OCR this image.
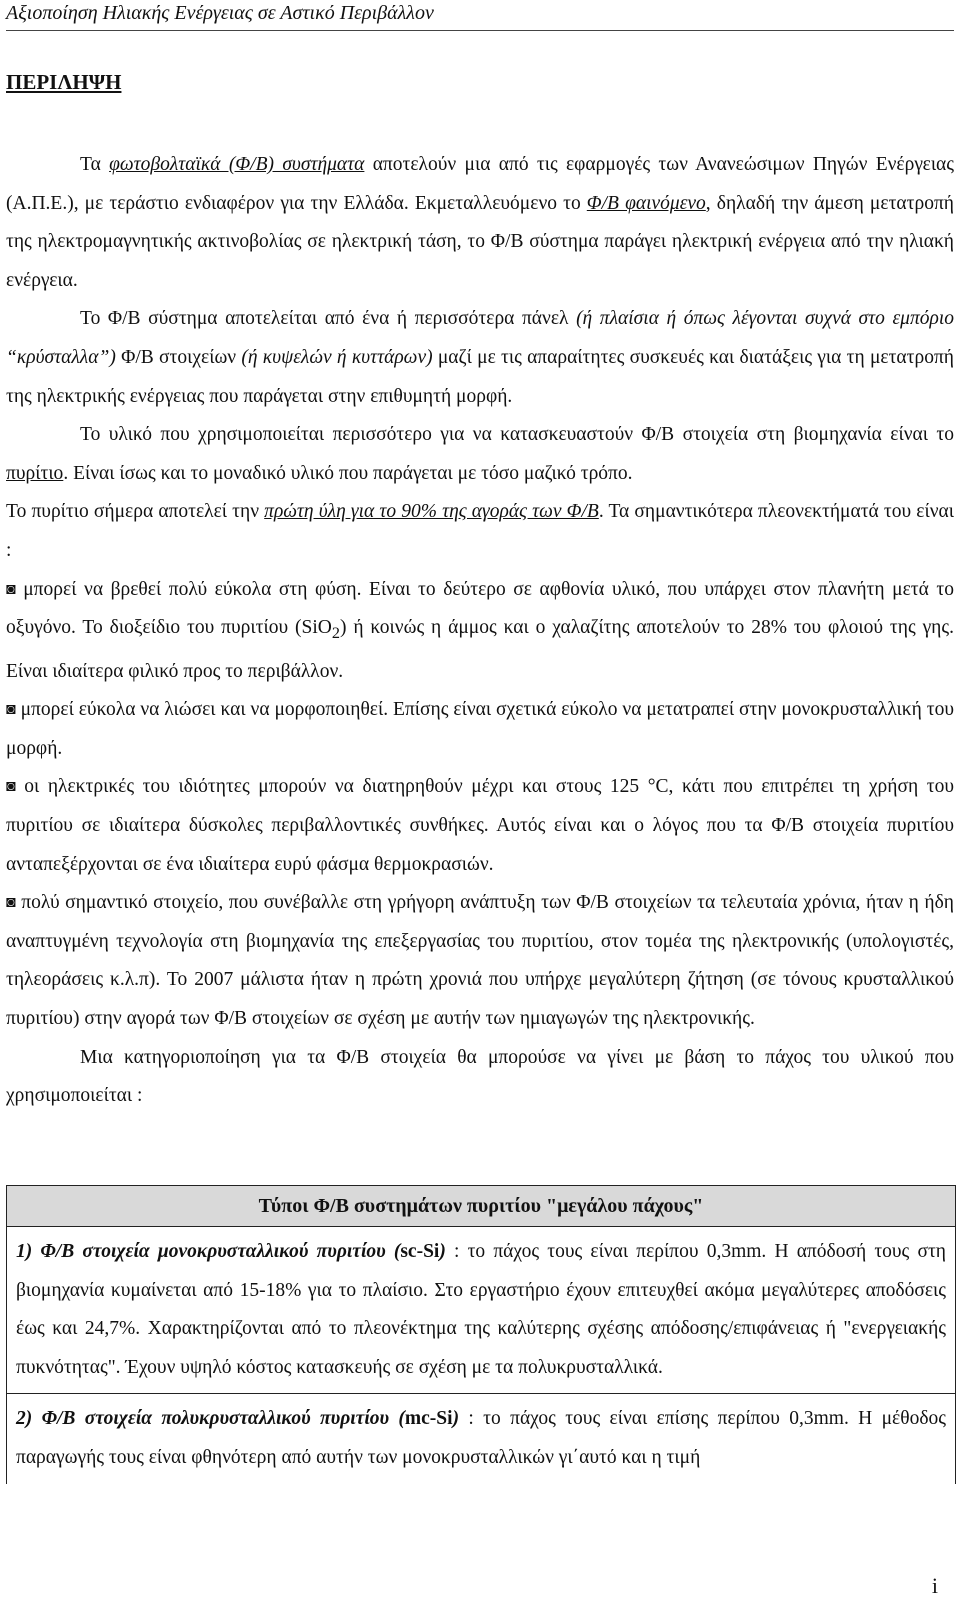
Αξιοποίηση Ηλιακής Ενέργειας σε Αστικό Περιβάλλον
ΠΕΡΙΛΗΨΗ

Τα φωτοβολταϊκά (Φ/Β) συστήματα αποτελούν μια από τις εφαρμογές των Ανανεώσιμων Πηγών Ενέργειας (Α.Π.Ε.), με τεράστιο ενδιαφέρον για την Ελλάδα. Εκμεταλλευόμενο το Φ/Β φαινόμενο, δηλαδή την άμεση μετατροπή της ηλεκτρομαγνητικής ακτινοβολίας σε ηλεκτρική τάση, το Φ/Β σύστημα παράγει ηλεκτρική ενέργεια από την ηλιακή ενέργεια.

Το Φ/Β σύστημα αποτελείται από ένα ή περισσότερα πάνελ (ή πλαίσια ή όπως λέγονται συχνά στο εμπόριο “κρύσταλλα”) Φ/Β στοιχείων (ή κυψελών ή κυττάρων) μαζί με τις απαραίτητες συσκευές και διατάξεις για τη μετατροπή της ηλεκτρικής ενέργειας που παράγεται στην επιθυμητή μορφή.

Το υλικό που χρησιμοποιείται περισσότερο για να κατασκευαστούν Φ/Β στοιχεία στη βιομηχανία είναι το πυρίτιο. Είναι ίσως και το μοναδικό υλικό που παράγεται με τόσο μαζικό τρόπο.

Το πυρίτιο σήμερα αποτελεί την πρώτη ύλη για το 90% της αγοράς των Φ/Β. Τα σημαντικότερα πλεονεκτήματά του είναι :

◙ μπορεί να βρεθεί πολύ εύκολα στη φύση. Είναι το δεύτερο σε αφθονία υλικό, που υπάρχει στον πλανήτη μετά το οξυγόνο. Το διοξείδιο του πυριτίου (SiO$_2$) ή κοινώς η άμμος και ο χαλαζίτης αποτελούν το 28% του φλοιού της γης. Είναι ιδιαίτερα φιλικό προς το περιβάλλον.

◙ μπορεί εύκολα να λιώσει και να μορφοποιηθεί. Επίσης είναι σχετικά εύκολο να μετατραπεί στην μονοκρυσταλλική του μορφή.

◙ οι ηλεκτρικές του ιδιότητες μπορούν να διατηρηθούν μέχρι και στους 125 °C, κάτι που επιτρέπει τη χρήση του πυριτίου σε ιδιαίτερα δύσκολες περιβαλλοντικές συνθήκες. Αυτός είναι και ο λόγος που τα Φ/Β στοιχεία πυριτίου ανταπεξέρχονται σε ένα ιδιαίτερα ευρύ φάσμα θερμοκρασιών.

◙ πολύ σημαντικό στοιχείο, που συνέβαλλε στη γρήγορη ανάπτυξη των Φ/Β στοιχείων τα τελευταία χρόνια, ήταν η ήδη αναπτυγμένη τεχνολογία στη βιομηχανία της επεξεργασίας του πυριτίου, στον τομέα της ηλεκτρονικής (υπολογιστές, τηλεοράσεις κ.λ.π). Το 2007 μάλιστα ήταν η πρώτη χρονιά που υπήρχε μεγαλύτερη ζήτηση (σε τόνους κρυσταλλικού πυριτίου) στην αγορά των Φ/Β στοιχείων σε σχέση με αυτήν των ημιαγωγών της ηλεκτρονικής.

Μια κατηγοριοποίηση για τα Φ/Β στοιχεία θα μπορούσε να γίνει με βάση το πάχος του υλικού που χρησιμοποιείται :

Τύποι Φ/Β συστημάτων πυριτίου "μεγάλου πάχους"
1) Φ/Β στοιχεία μονοκρυσταλλικού πυριτίου (sc-Si) : το πάχος τους είναι περίπου 0,3mm. Η απόδοσή τους στη βιομηχανία κυμαίνεται από 15-18% για το πλαίσιο. Στο εργαστήριο έχουν επιτευχθεί ακόμα μεγαλύτερες αποδόσεις έως και 24,7%. Χαρακτηρίζονται από το πλεονέκτημα της καλύτερης σχέσης απόδοσης/επιφάνειας ή "ενεργειακής πυκνότητας". Έχουν υψηλό κόστος κατασκευής σε σχέση με τα πολυκρυσταλλικά.
2) Φ/Β στοιχεία πολυκρυσταλλικού πυριτίου (mc-Si) : το πάχος τους είναι επίσης περίπου 0,3mm. Η μέθοδος παραγωγής τους είναι φθηνότερη από αυτήν των μονοκρυσταλλικών γι΄αυτό και η τιμή
i
